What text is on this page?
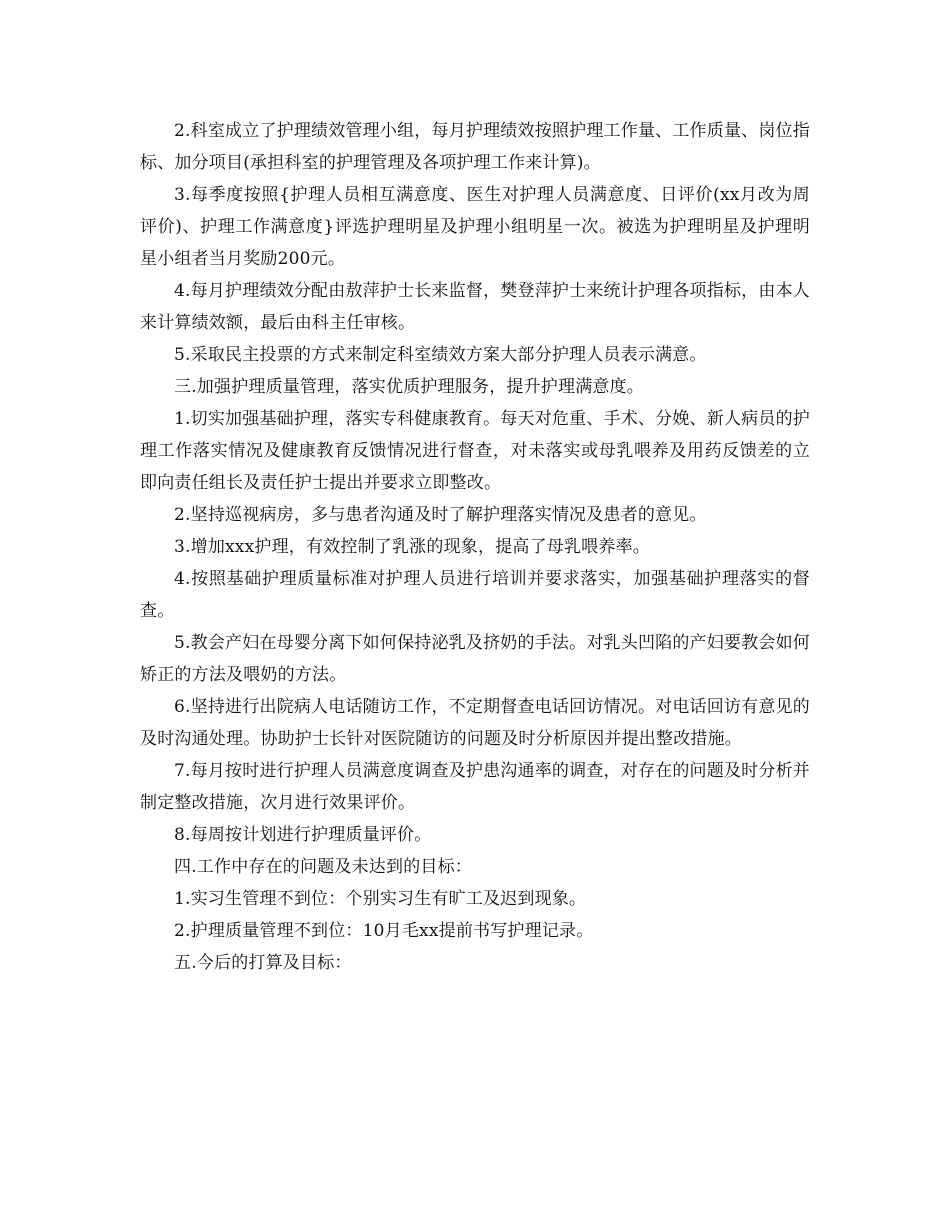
2.科室成立了护理绩效管理小组，每月护理绩效按照护理工作量、工作质量、岗位指标、加分项目(承担科室的护理管理及各项护理工作来计算)。

3.每季度按照{护理人员相互满意度、医生对护理人员满意度、日评价(xx月改为周评价)、护理工作满意度}评选护理明星及护理小组明星一次。被选为护理明星及护理明星小组者当月奖励200元。

4.每月护理绩效分配由敖萍护士长来监督，樊登萍护士来统计护理各项指标，由本人来计算绩效额，最后由科主任审核。

5.采取民主投票的方式来制定科室绩效方案大部分护理人员表示满意。

三.加强护理质量管理，落实优质护理服务，提升护理满意度。

1.切实加强基础护理，落实专科健康教育。每天对危重、手术、分娩、新人病员的护理工作落实情况及健康教育反馈情况进行督查，对未落实或母乳喂养及用药反馈差的立即向责任组长及责任护士提出并要求立即整改。

2.坚持巡视病房，多与患者沟通及时了解护理落实情况及患者的意见。

3.增加xxx护理，有效控制了乳涨的现象，提高了母乳喂养率。

4.按照基础护理质量标准对护理人员进行培训并要求落实，加强基础护理落实的督查。

5.教会产妇在母婴分离下如何保持泌乳及挤奶的手法。对乳头凹陷的产妇要教会如何矫正的方法及喂奶的方法。

6.坚持进行出院病人电话随访工作，不定期督查电话回访情况。对电话回访有意见的及时沟通处理。协助护士长针对医院随访的问题及时分析原因并提出整改措施。

7.每月按时进行护理人员满意度调查及护患沟通率的调查，对存在的问题及时分析并制定整改措施，次月进行效果评价。

8.每周按计划进行护理质量评价。

四.工作中存在的问题及未达到的目标：

1.实习生管理不到位：个别实习生有旷工及迟到现象。

2.护理质量管理不到位：10月毛xx提前书写护理记录。

五.今后的打算及目标：
